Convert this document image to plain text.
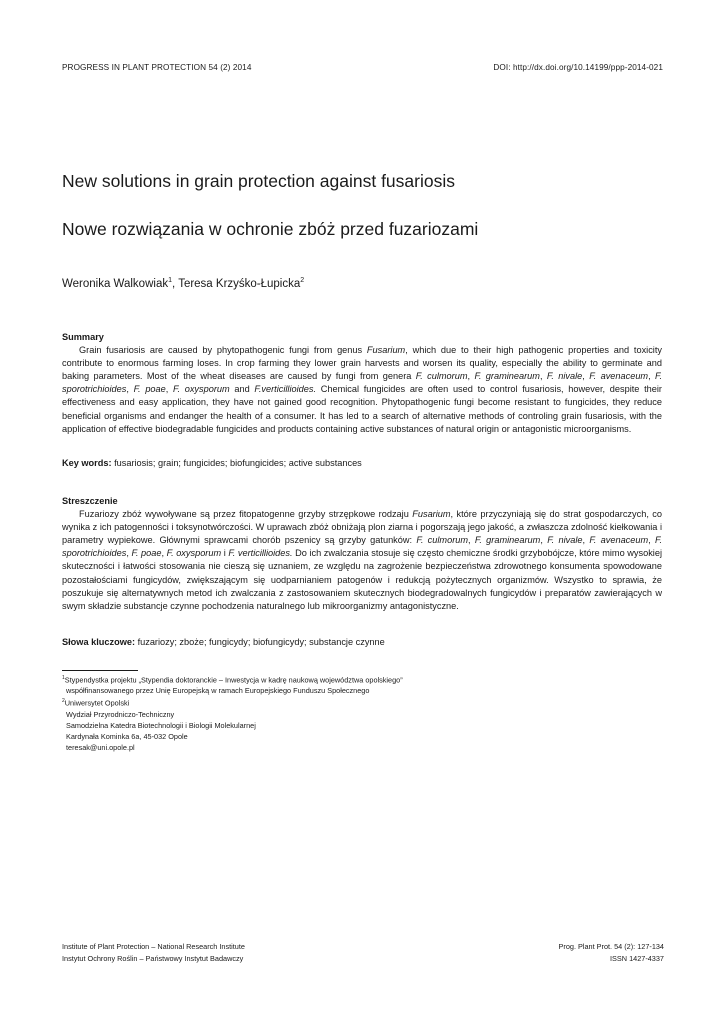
PROGRESS IN PLANT PROTECTION 54 (2) 2014	DOI: http://dx.doi.org/10.14199/ppp-2014-021
New solutions in grain protection against fusariosis
Nowe rozwiązania w ochronie zbóż przed fuzariozami
Weronika Walkowiak$^1$, Teresa Krzyśko-Łupicka$^2$
Summary

Grain fusariosis are caused by phytopathogenic fungi from genus Fusarium, which due to their high pathogenic properties and toxicity contribute to enormous farming loses. In crop farming they lower grain harvests and worsen its quality, especially the ability to germinate and baking parameters. Most of the wheat diseases are caused by fungi from genera F. culmorum, F. graminearum, F. nivale, F. avenaceum, F. sporotrichioides, F. poae, F. oxysporum and F.verticillioides. Chemical fungicides are often used to control fusariosis, however, despite their effectiveness and easy application, they have not gained good recognition. Phytopathogenic fungi become resistant to fungicides, they reduce beneficial organisms and endanger the health of a consumer. It has led to a search of alternative methods of controling grain fusariosis, with the application of effective biodegradable fungicides and products containing active substances of natural origin or antagonistic microorganisms.

Key words: fusariosis; grain; fungicides; biofungicides; active substances
Streszczenie

Fuzariozy zbóż wywoływane są przez fitopatogenne grzyby strzępkowe rodzaju Fusarium, które przyczyniają się do strat gospodarczych, co wynika z ich patogenności i toksynotwórczości. W uprawach zbóż obniżają plon ziarna i pogorszają jego jakość, a zwłaszcza zdolność kiełkowania i parametry wypiekowe. Głównymi sprawcami chorób pszenicy są grzyby gatunków: F. culmorum, F. graminearum, F. nivale, F. avenaceum, F. sporotrichioides, F. poae, F. oxysporum i F. verticillioides. Do ich zwalczania stosuje się często chemiczne środki grzybobójcze, które mimo wysokiej skuteczności i łatwości stosowania nie cieszą się uznaniem, ze względu na zagrożenie bezpieczeństwa zdrowotnego konsumenta spowodowane pozostałościami fungicydów, zwiększającym się uodparnianiem patogenów i redukcją pożytecznych organizmów. Wszystko to sprawia, że poszukuje się alternatywnych metod ich zwalczania z zastosowaniem skutecznych biodegradowalnych fungicydów i preparatów zawierających w swym składzie substancje czynne pochodzenia naturalnego lub mikroorganizmy antagonistyczne.

Słowa kluczowe: fuzariozy; zboże; fungicydy; biofungicydy; substancje czynne
$^1$Stypendystka projektu „Stypendia doktoranckie – Inwestycja w kadrę naukową województwa opolskiego”
współfinansowanego przez Unię Europejską w ramach Europejskiego Funduszu Społecznego
$^2$Uniwersytet Opolski
Wydział Przyrodniczo-Techniczny
Samodzielna Katedra Biotechnologii i Biologii Molekularnej
Kardynała Kominka 6a, 45-032 Opole
teresak@uni.opole.pl
Institute of Plant Protection – National Research Institute
Instytut Ochrony Roślin – Państwowy Instytut Badawczy
Prog. Plant Prot. 54 (2): 127-134
ISSN 1427-4337
